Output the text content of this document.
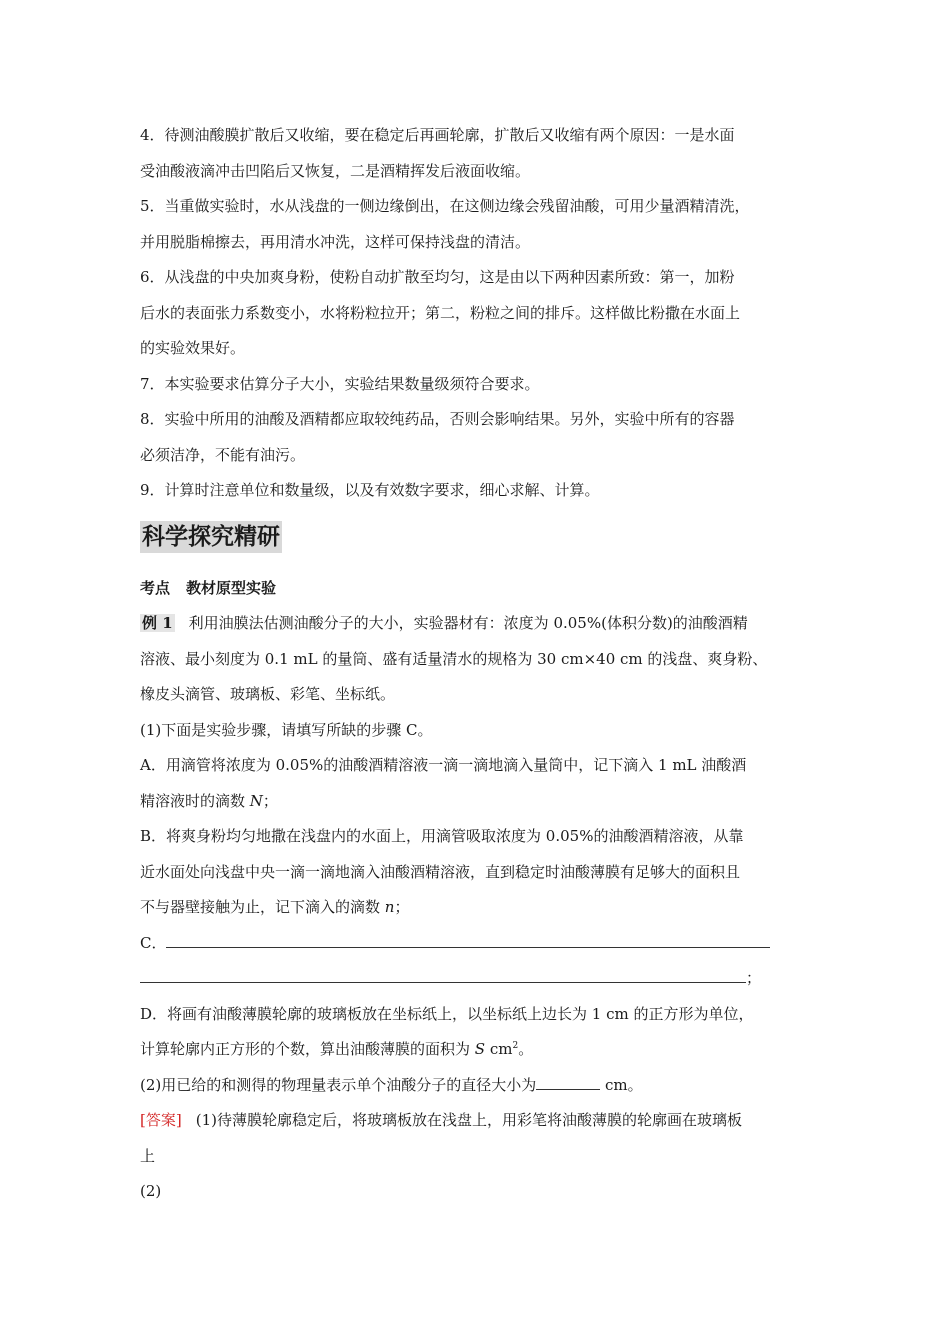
4．待测油酸膜扩散后又收缩，要在稳定后再画轮廓，扩散后又收缩有两个原因：一是水面
受油酸液滴冲击凹陷后又恢复，二是酒精挥发后液面收缩。
5．当重做实验时，水从浅盘的一侧边缘倒出，在这侧边缘会残留油酸，可用少量酒精清洗，
并用脱脂棉擦去，再用清水冲洗，这样可保持浅盘的清洁。
6．从浅盘的中央加爽身粉，使粉自动扩散至均匀，这是由以下两种因素所致：第一，加粉
后水的表面张力系数变小，水将粉粒拉开；第二，粉粒之间的排斥。这样做比粉撒在水面上
的实验效果好。
7．本实验要求估算分子大小，实验结果数量级须符合要求。
8．实验中所用的油酸及酒精都应取较纯药品，否则会影响结果。另外，实验中所有的容器
必须洁净，不能有油污。
9．计算时注意单位和数量级，以及有效数字要求，细心求解、计算。
科学探究精研
考点 教材原型实验
例 1 利用油膜法估测油酸分子的大小，实验器材有：浓度为 0.05%(体积分数)的油酸酒精
溶液、最小刻度为 0.1 mL 的量筒、盛有适量清水的规格为 30 cm×40 cm 的浅盘、爽身粉、
橡皮头滴管、玻璃板、彩笔、坐标纸。
(1)下面是实验步骤，请填写所缺的步骤 C。
A．用滴管将浓度为 0.05%的油酸酒精溶液一滴一滴地滴入量筒中，记下滴入 1 mL 油酸酒
精溶液时的滴数 N；
B．将爽身粉均匀地撒在浅盘内的水面上，用滴管吸取浓度为 0.05%的油酸酒精溶液，从靠
近水面处向浅盘中央一滴一滴地滴入油酸酒精溶液，直到稳定时油酸薄膜有足够大的面积且
不与器壁接触为止，记下滴入的滴数 n；
C．
；
D．将画有油酸薄膜轮廓的玻璃板放在坐标纸上，以坐标纸上边长为 1 cm 的正方形为单位，
计算轮廓内正方形的个数，算出油酸薄膜的面积为 S $cm^2$。
(2)用已给的和测得的物理量表示单个油酸分子的直径大小为	cm。
[答案] (1)待薄膜轮廓稳定后，将玻璃板放在浅盘上，用彩笔将油酸薄膜的轮廓画在玻璃板
上
(2)
